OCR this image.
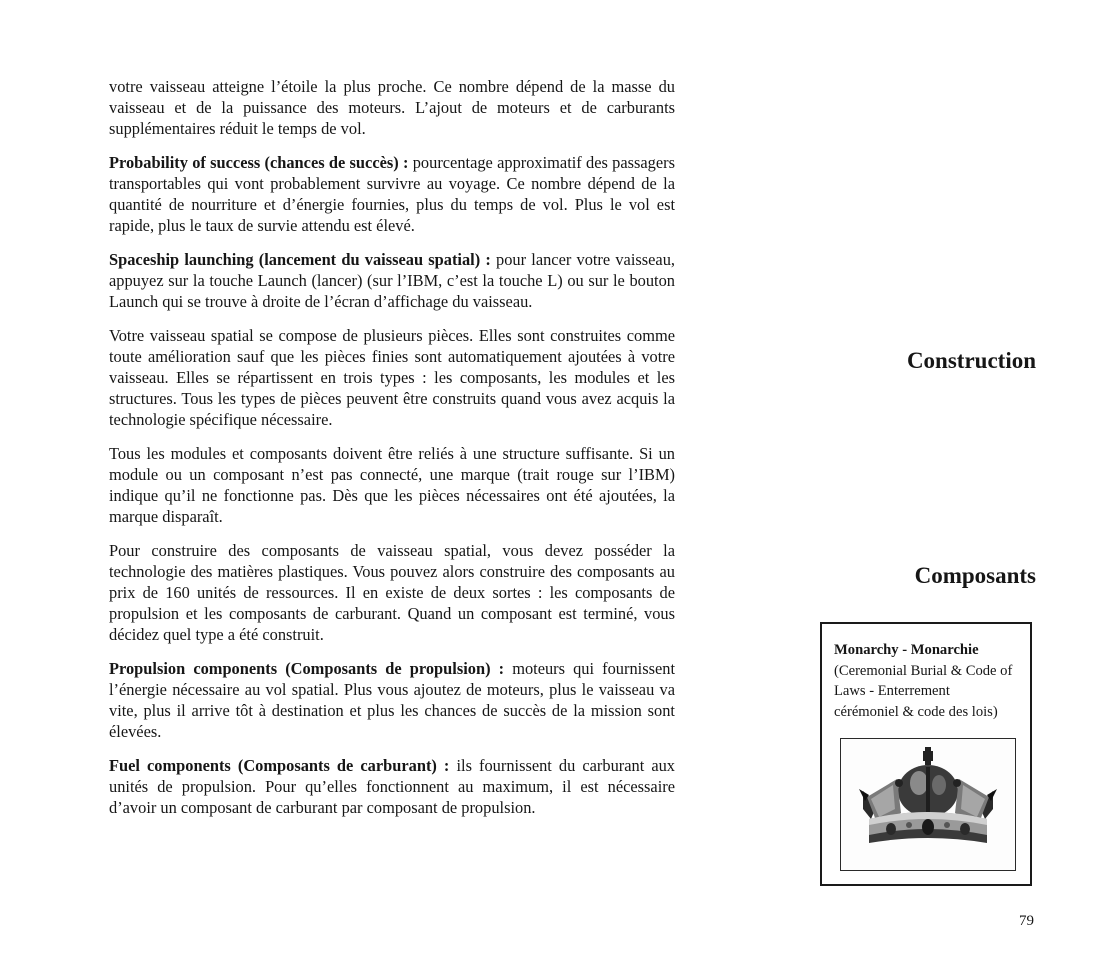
votre vaisseau atteigne l’étoile la plus proche. Ce nombre dépend de la masse du vaisseau et de la puissance des moteurs. L’ajout de moteurs et de carburants supplémentaires réduit le temps de vol.

Probability of success (chances de succès) : pourcentage approximatif des passagers transportables qui vont probablement survivre au voyage. Ce nombre dépend de la quantité de nourriture et d’énergie fournies, plus du temps de vol. Plus le vol est rapide, plus le taux de survie attendu est élevé.

Spaceship launching (lancement du vaisseau spatial) : pour lancer votre vaisseau, appuyez sur la touche Launch (lancer) (sur l’IBM, c’est la touche L) ou sur le bouton Launch qui se trouve à droite de l’écran d’affichage du vaisseau.

Votre vaisseau spatial se compose de plusieurs pièces. Elles sont construites comme toute amélioration sauf que les pièces finies sont automatiquement ajoutées à votre vaisseau. Elles se répartissent en trois types : les composants, les modules et les structures. Tous les types de pièces peuvent être construits quand vous avez acquis la technologie spécifique nécessaire.

Tous les modules et composants doivent être reliés à une structure suffisante. Si un module ou un composant n’est pas connecté, une marque (trait rouge sur l’IBM) indique qu’il ne fonctionne pas. Dès que les pièces nécessaires ont été ajoutées, la marque disparaît.

Pour construire des composants de vaisseau spatial, vous devez posséder la technologie des matières plastiques. Vous pouvez alors construire des composants au prix de 160 unités de ressources. Il en existe de deux sortes : les composants de propulsion et les composants de carburant. Quand un composant est terminé, vous décidez quel type a été construit.

Propulsion components (Composants de propulsion) : moteurs qui fournissent l’énergie nécessaire au vol spatial. Plus vous ajoutez de moteurs, plus le vaisseau va vite, plus il arrive tôt à destination et plus les chances de succès de la mission sont élevées.

Fuel components (Composants de carburant) : ils fournissent du carburant aux unités de propulsion. Pour qu’elles fonctionnent au maximum, il est nécessaire d’avoir un composant de carburant par composant de propulsion.

Construction
Composants
Monarchy - Monarchie
(Ceremonial Burial & Code of Laws - Enterrement cérémoniel & code des lois)
79
